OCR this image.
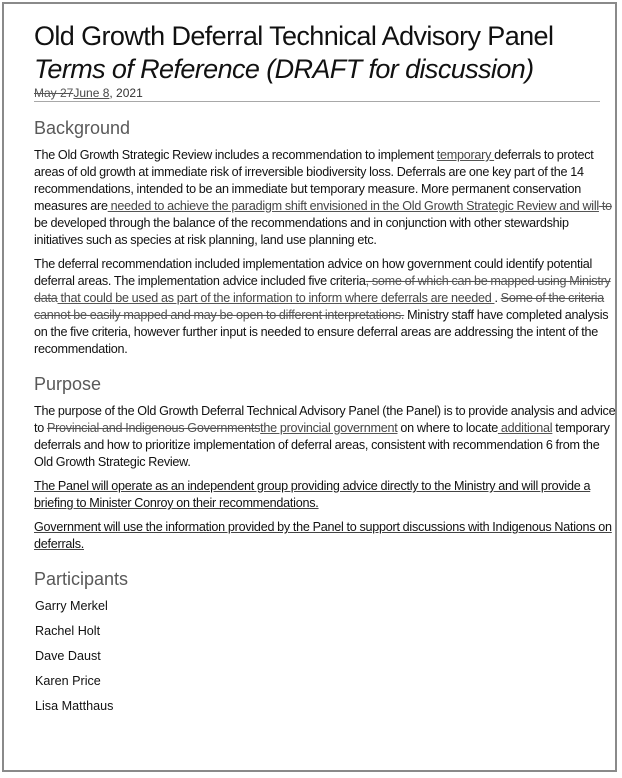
Old Growth Deferral Technical Advisory Panel
Terms of Reference (DRAFT for discussion)
May 27June 8, 2021
Background

The Old Growth Strategic Review includes a recommendation to implement temporary deferrals to protect areas of old growth at immediate risk of irreversible biodiversity loss. Deferrals are one key part of the 14 recommendations, intended to be an immediate but temporary measure. More permanent conservation measures are needed to achieve the paradigm shift envisioned in the Old Growth Strategic Review and will to be developed through the balance of the recommendations and in conjunction with other stewardship initiatives such as species at risk planning, land use planning etc.

The deferral recommendation included implementation advice on how government could identify potential deferral areas. The implementation advice included five criteria, some of which can be mapped using Ministry data that could be used as part of the information to inform where deferrals are needed . Some of the criteria cannot be easily mapped and may be open to different interpretations. Ministry staff have completed analysis on the five criteria, however further input is needed to ensure deferral areas are addressing the intent of the recommendation.

Purpose

The purpose of the Old Growth Deferral Technical Advisory Panel (the Panel) is to provide analysis and advice to Provincial and Indigenous Governmentsthe provincial government on where to locate additional temporary deferrals and how to prioritize implementation of deferral areas, consistent with recommendation 6 from the Old Growth Strategic Review.

The Panel will operate as an independent group providing advice directly to the Ministry and will provide a briefing to Minister Conroy on their recommendations.

Government will use the information provided by the Panel to support discussions with Indigenous Nations on deferrals.

Participants
Garry Merkel
Rachel Holt
Dave Daust
Karen Price
Lisa Matthaus
